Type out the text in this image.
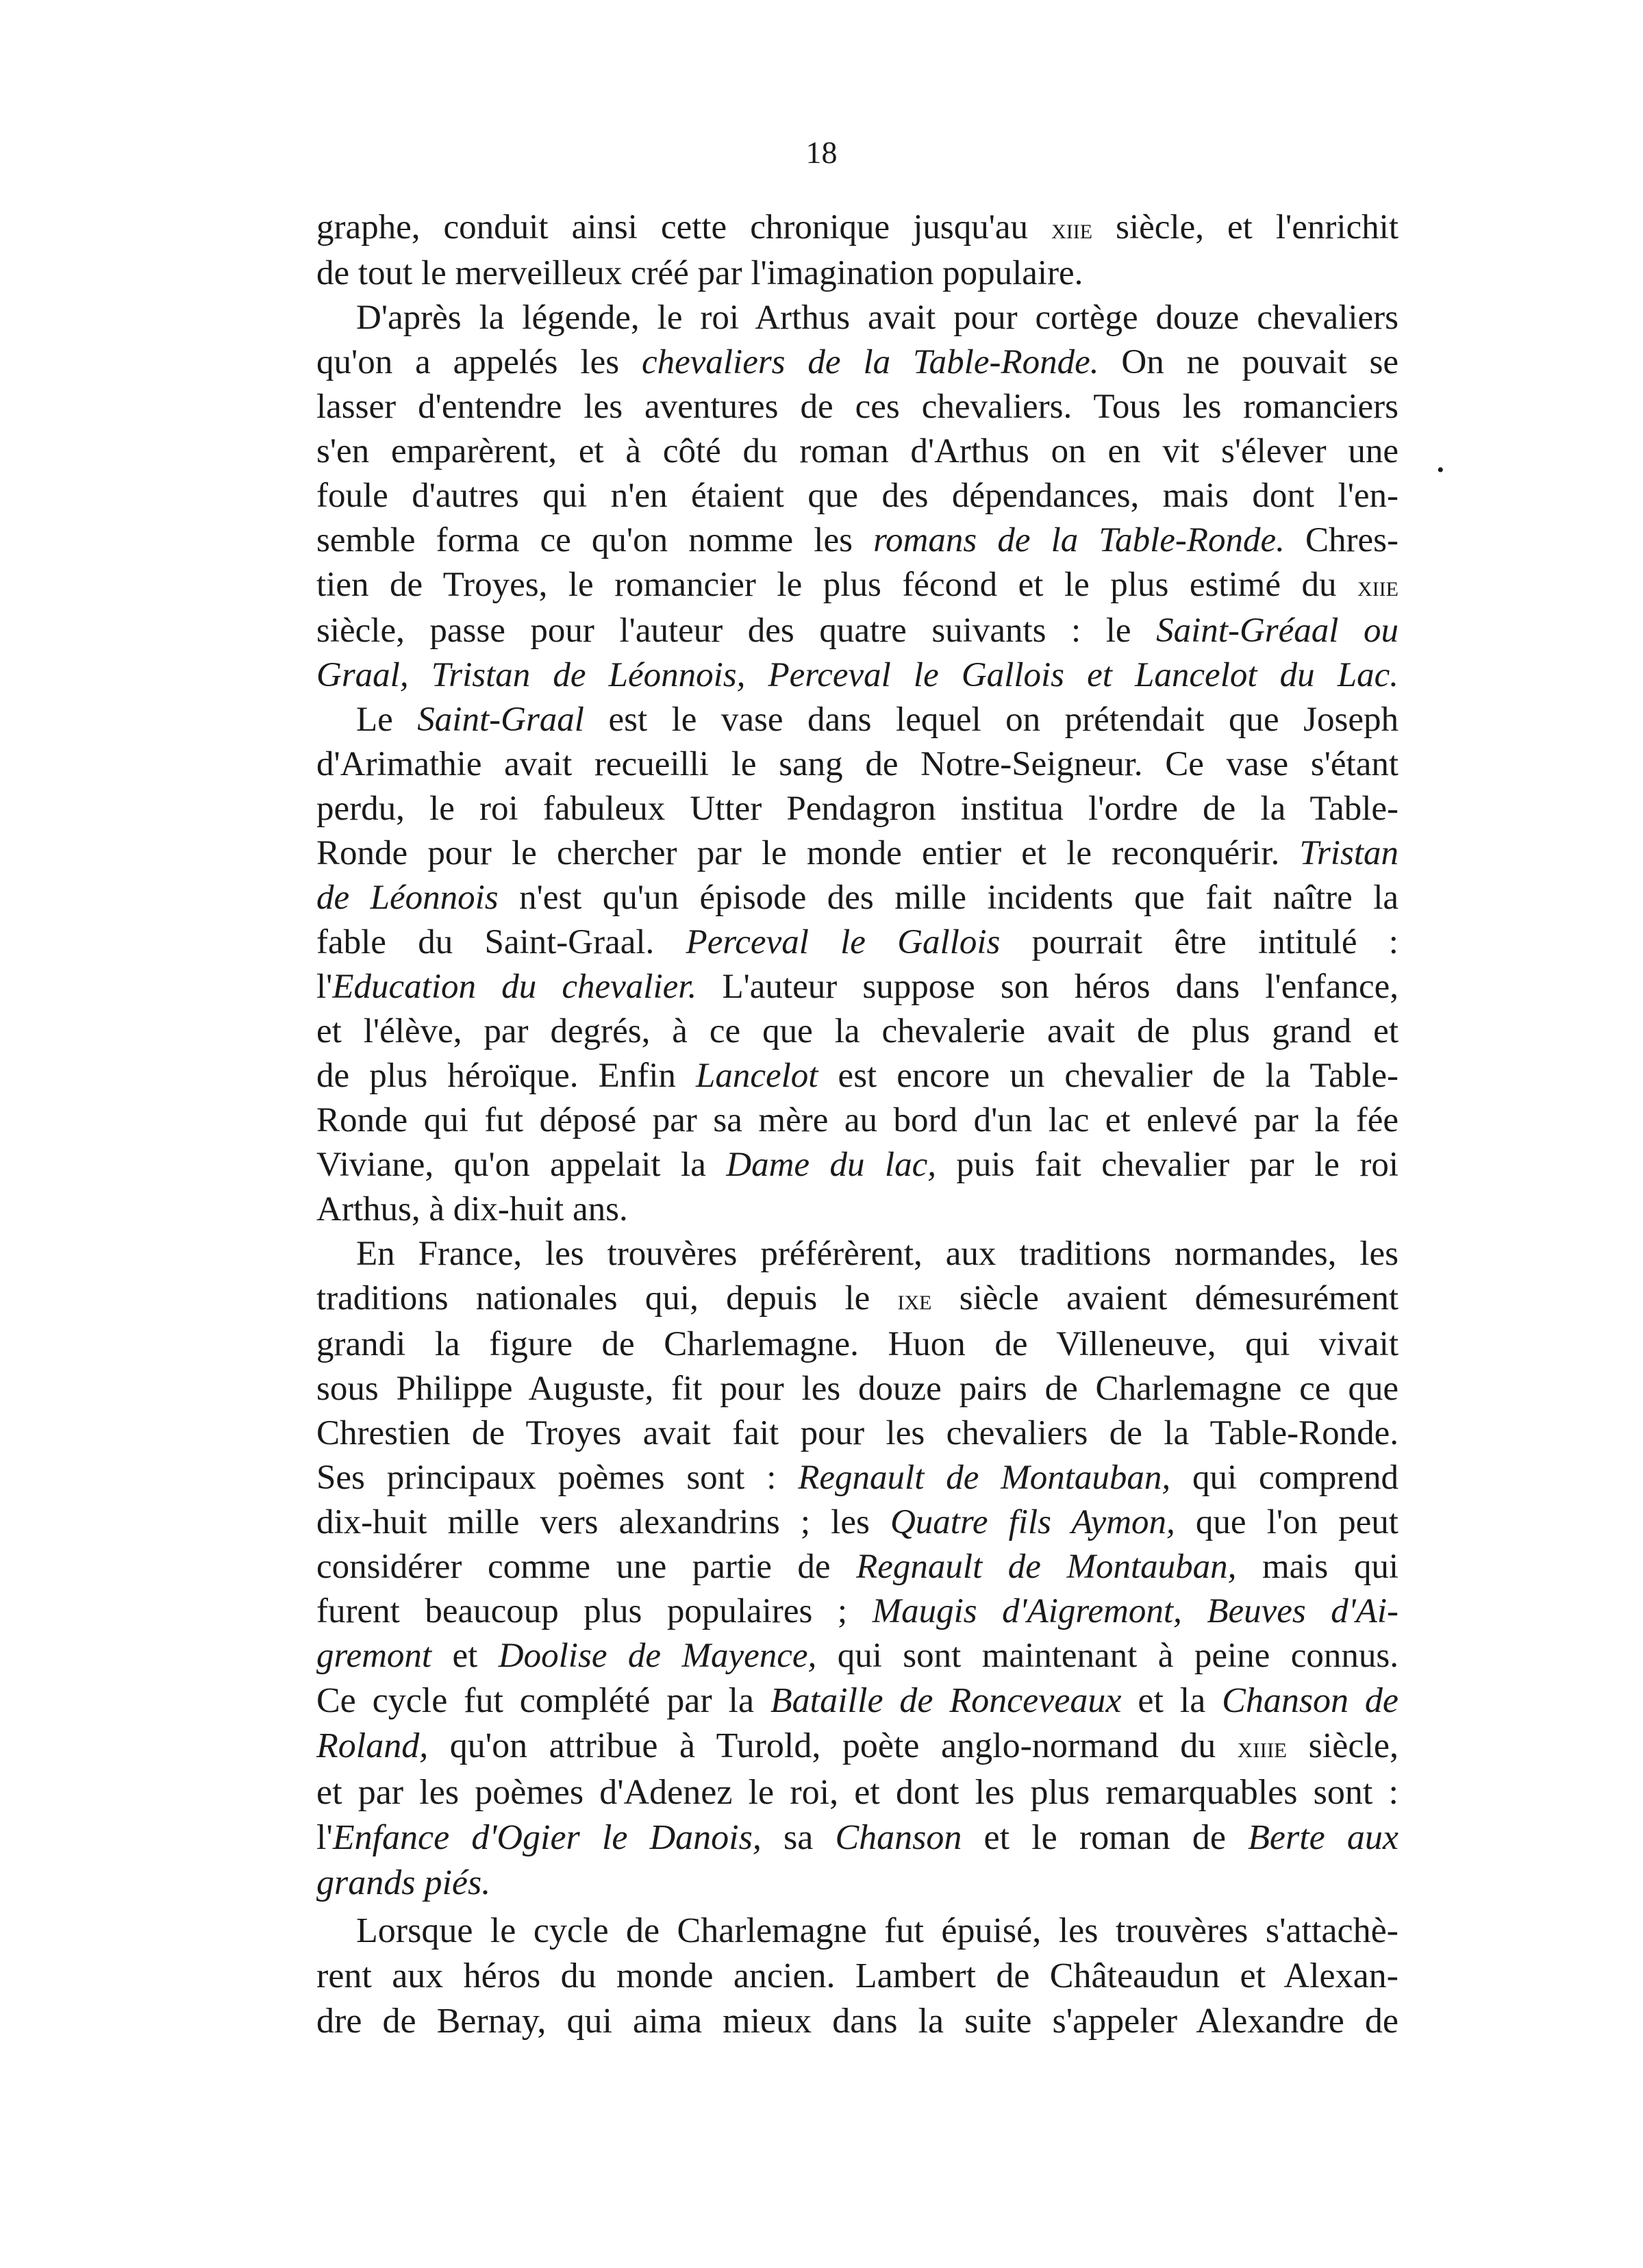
18
graphe, conduit ainsi cette chronique jusqu'au xiie siècle, et l'enrichit
de tout le merveilleux créé par l'imagination populaire.
D'après la légende, le roi Arthus avait pour cortège douze chevaliers
qu'on a appelés les chevaliers de la Table-Ronde. On ne pouvait se
lasser d'entendre les aventures de ces chevaliers. Tous les romanciers
s'en emparèrent, et à côté du roman d'Arthus on en vit s'élever une
foule d'autres qui n'en étaient que des dépendances, mais dont l'en-
semble forma ce qu'on nomme les romans de la Table-Ronde. Chres-
tien de Troyes, le romancier le plus fécond et le plus estimé du xiie
siècle, passe pour l'auteur des quatre suivants : le Saint-Gréaal ou
Graal, Tristan de Léonnois, Perceval le Gallois et Lancelot du Lac.
Le Saint-Graal est le vase dans lequel on prétendait que Joseph
d'Arimathie avait recueilli le sang de Notre-Seigneur. Ce vase s'étant
perdu, le roi fabuleux Utter Pendagron institua l'ordre de la Table-
Ronde pour le chercher par le monde entier et le reconquérir. Tristan
de Léonnois n'est qu'un épisode des mille incidents que fait naître la
fable du Saint-Graal. Perceval le Gallois pourrait être intitulé :
l'Education du chevalier. L'auteur suppose son héros dans l'enfance,
et l'élève, par degrés, à ce que la chevalerie avait de plus grand et
de plus héroïque. Enfin Lancelot est encore un chevalier de la Table-
Ronde qui fut déposé par sa mère au bord d'un lac et enlevé par la fée
Viviane, qu'on appelait la Dame du lac, puis fait chevalier par le roi
Arthus, à dix-huit ans.
En France, les trouvères préférèrent, aux traditions normandes, les
traditions nationales qui, depuis le ixe siècle avaient démesurément
grandi la figure de Charlemagne. Huon de Villeneuve, qui vivait
sous Philippe Auguste, fit pour les douze pairs de Charlemagne ce que
Chrestien de Troyes avait fait pour les chevaliers de la Table-Ronde.
Ses principaux poèmes sont : Regnault de Montauban, qui comprend
dix-huit mille vers alexandrins ; les Quatre fils Aymon, que l'on peut
considérer comme une partie de Regnault de Montauban, mais qui
furent beaucoup plus populaires ; Maugis d'Aigremont, Beuves d'Ai-
gremont et Doolise de Mayence, qui sont maintenant à peine connus.
Ce cycle fut complété par la Bataille de Ronceveaux et la Chanson de
Roland, qu'on attribue à Turold, poète anglo-normand du xiiie siècle,
et par les poèmes d'Adenez le roi, et dont les plus remarquables sont :
l'Enfance d'Ogier le Danois, sa Chanson et le roman de Berte aux
grands piés.
Lorsque le cycle de Charlemagne fut épuisé, les trouvères s'attachè-
rent aux héros du monde ancien. Lambert de Châteaudun et Alexan-
dre de Bernay, qui aima mieux dans la suite s'appeler Alexandre de
•
